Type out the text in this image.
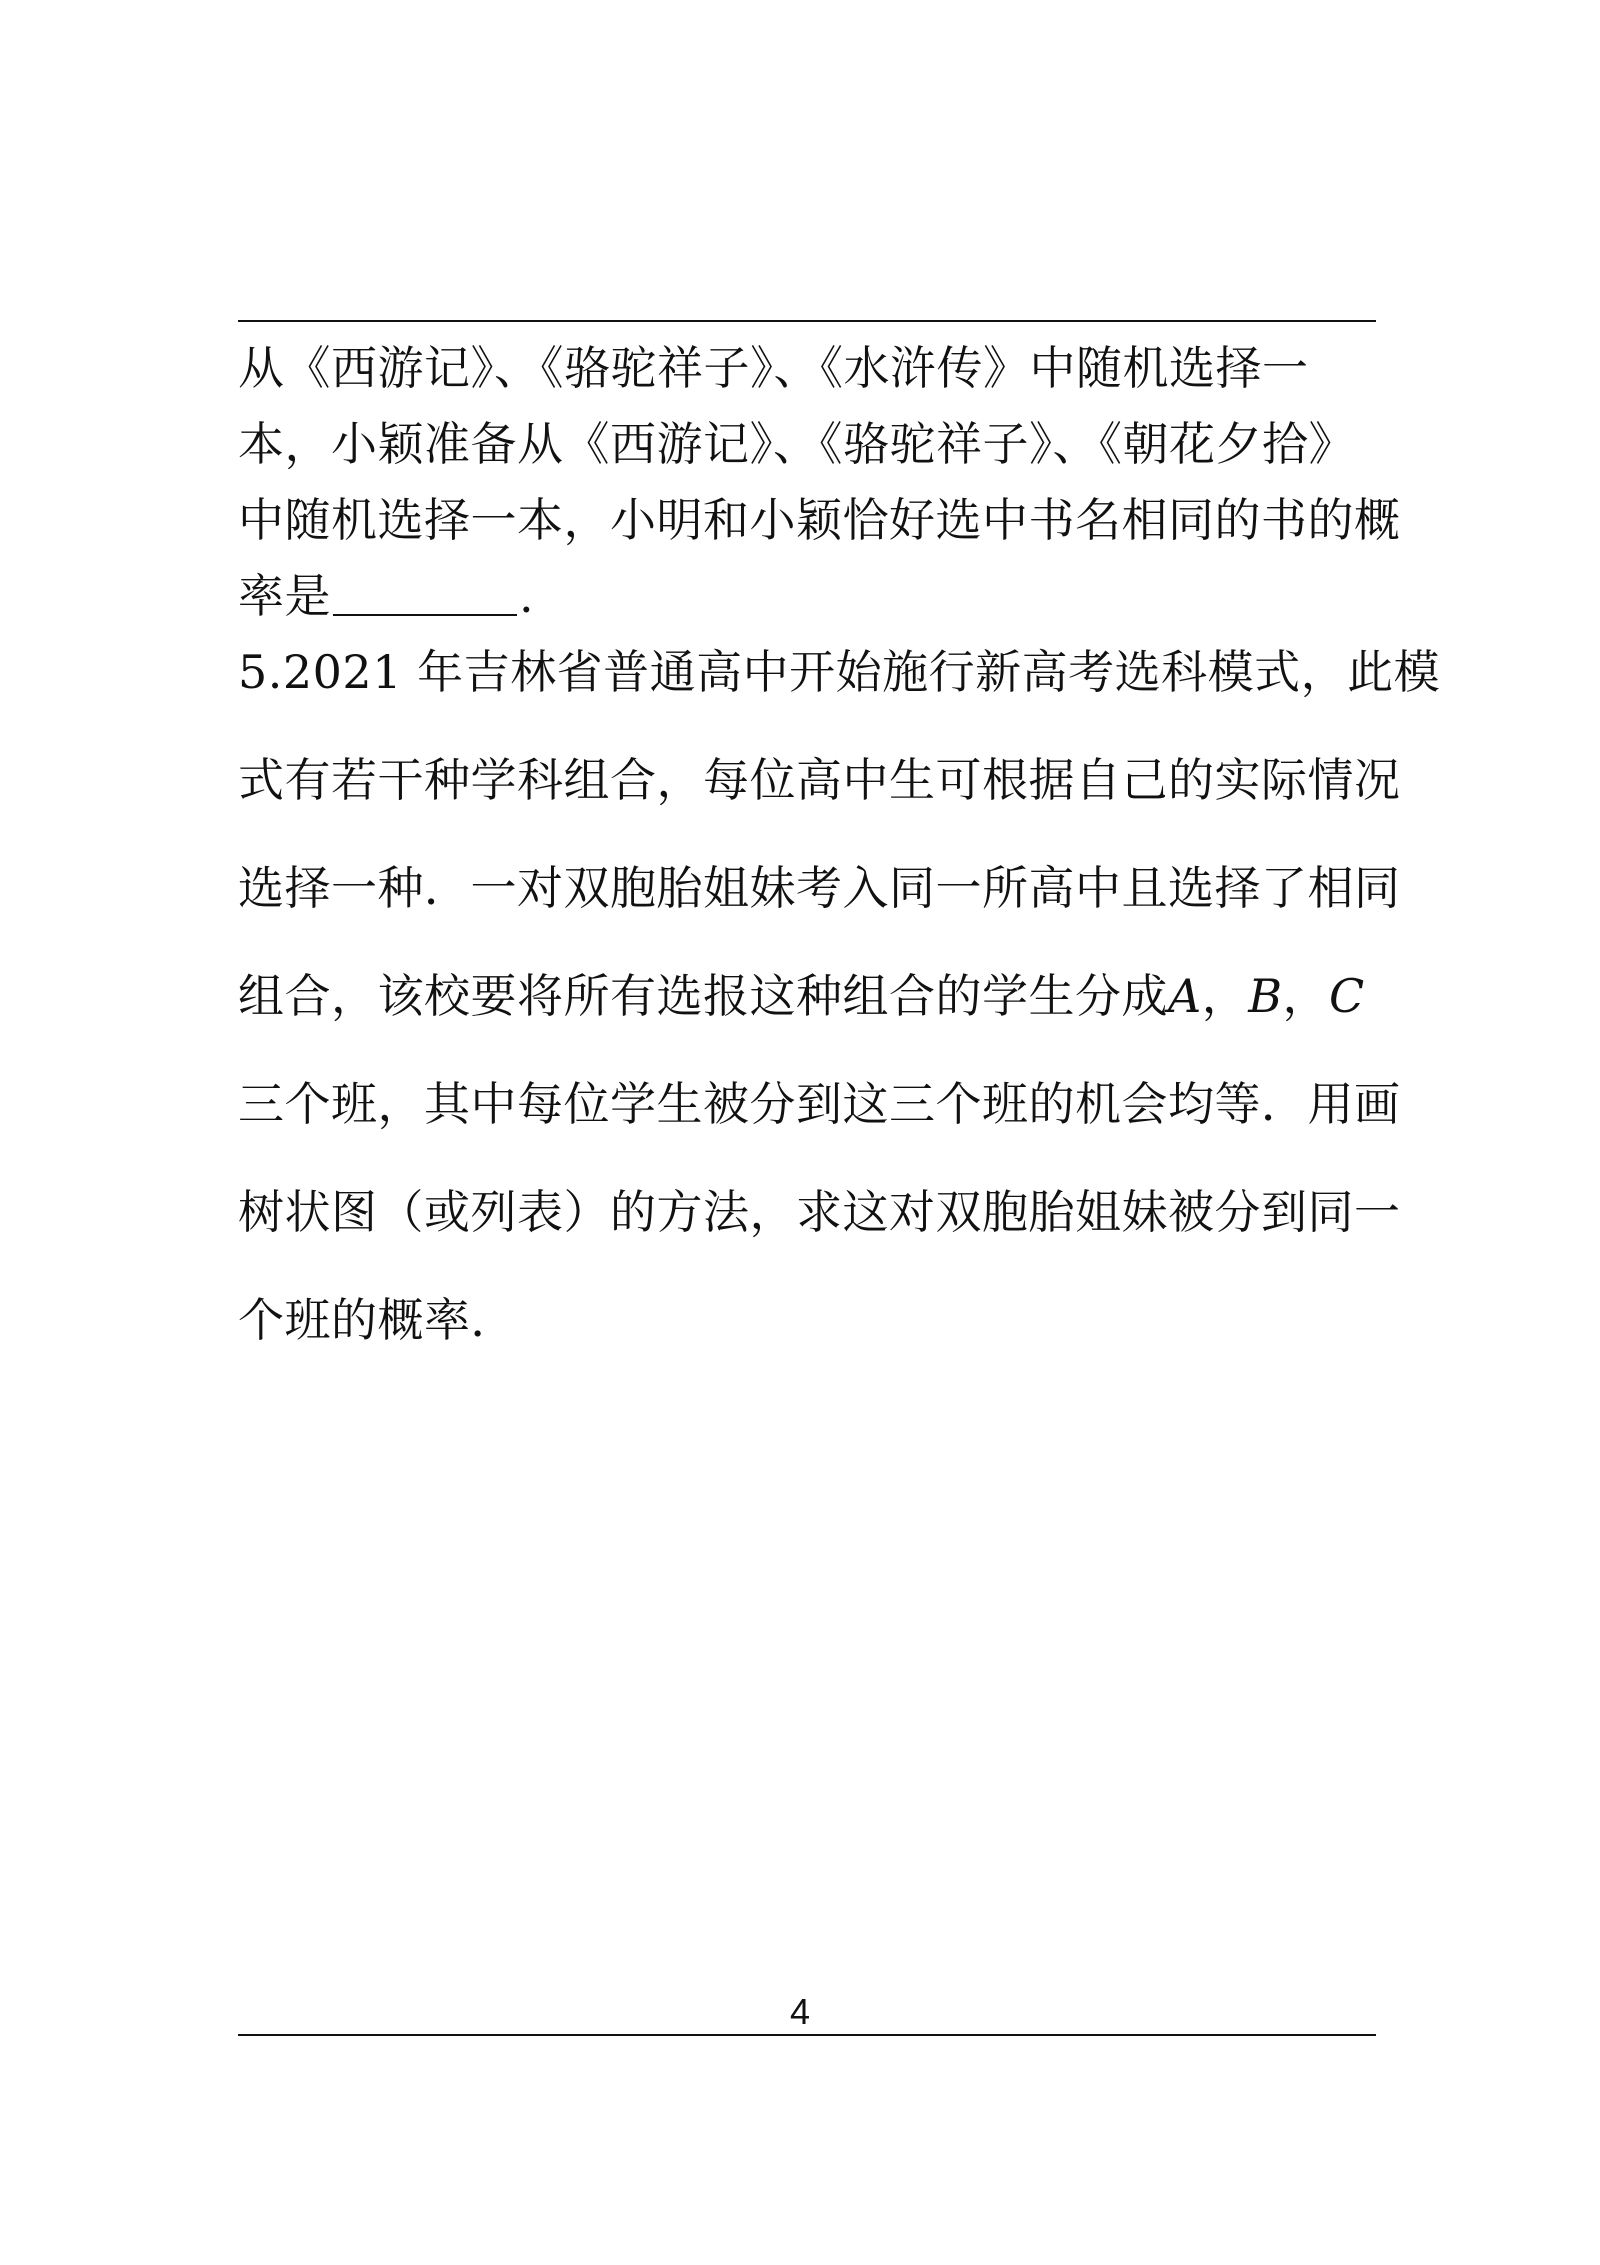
从《西游记》、《骆驼祥子》、《水浒传》中随机选择一
本，小颖准备从《西游记》、《骆驼祥子》、《朝花夕拾》
中随机选择一本，小明和小颖恰好选中书名相同的书的概
率是	.
5.2021 年吉林省普通高中开始施行新高考选科模式，此模
式有若干种学科组合，每位高中生可根据自己的实际情况
选择一种．一对双胞胎姐妹考入同一所高中且选择了相同
组合，该校要将所有选报这种组合的学生分成A，B，C
三个班，其中每位学生被分到这三个班的机会均等．用画
树状图（或列表）的方法，求这对双胞胎姐妹被分到同一
个班的概率．
4
